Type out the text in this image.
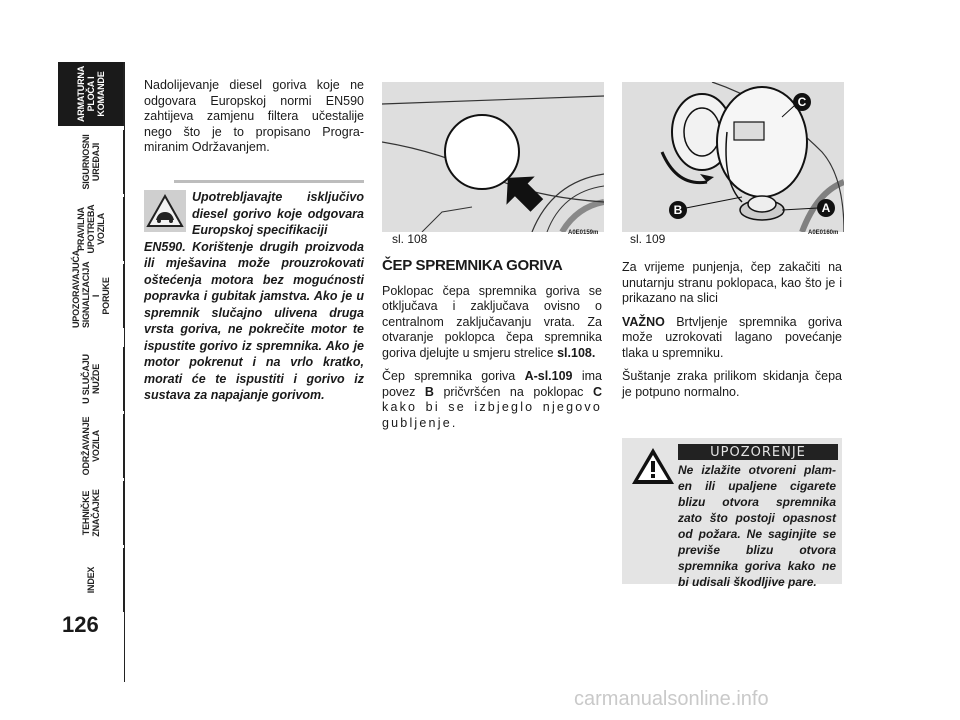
ARMATURNA
PLOČA I
KOMANDE
SIGURNOSNI
UREĐAJI
PRAVILNA
UPOTREBA
VOZILA
UPOZORAVAJUĆA
SIGNALIZACIJA I
PORUKE
U SLUČAJU
NUŽDE
ODRŽAVANJE
VOZILA
TEHNIČKE
ZNAČAJKE
INDEX
126
Nadolijevanje diesel goriva koje ne odgovara Europskoj normi EN590 zahtijeva zamjenu filtera učestalije nego što je to propisano Progra-miranim Održavanjem.
Upotrebljavajte isključivo diesel gorivo koje odgovara Europskoj specifikaciji
EN590. Korištenje drugih proizvoda ili mješavina može prouzrokovati oštećenja motora bez mogućnosti popravka i gubitak jamstva. Ako je u spremnik slučajno ulivena druga vrsta goriva, ne pokrečite motor te ispustite gorivo iz spremnika. Ako je motor pokrenut i na vrlo kratko, morati će te ispustiti i gorivo iz sustava za napajanje gorivom.
sl. 108	A0E0159m
C
B	A
sl. 109	A0E0160m
ČEP SPREMNIKA GORIVA

Poklopac čepa spremnika goriva se otključava i zaključava ovisno o centralnom zaključavanju vrata. Za otvaranje poklopca čepa spremnika goriva djelujte u smjeru strelice sl.108.

Čep spremnika goriva A-sl.109 ima povez B pričvršćen na poklopac C kako bi se izbjeglo njegovo gubljenje.

Za vrijeme punjenja, čep zakačiti na unutarnju stranu poklopaca, kao što je i prikazano na slici

VAŽNO Brtvljenje spremnika goriva može uzrokovati lagano povećanje tlaka u spremniku.

Šuštanje zraka prilikom skidanja čepa je potpuno normalno.

UPOZORENJE
Ne izlažite otvoreni plam-en ili upaljene cigarete blizu otvora spremnika zato što postoji opasnost od požara. Ne saginjite se previše blizu otvora spremnika goriva kako ne bi udisali škodljive pare.
carmanualsonline.info
